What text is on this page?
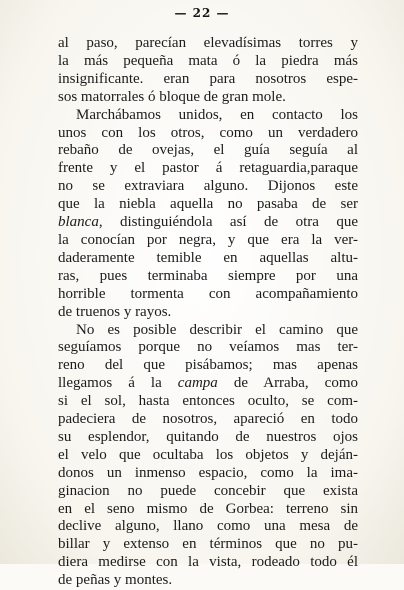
— 22 —
al paso, parecían elevadísimas torres y
la más pequeña mata ó la piedra más
insignificante. eran para nosotros espe-
sos matorrales ó bloque de gran mole.
Marchábamos unidos, en contacto los
unos con los otros, como un verdadero
rebaño de ovejas, el guía seguía al
frente y el pastor á retaguardia,paraque
no se extraviara alguno. Dijonos este
que la niebla aquella no pasaba de ser
blanca, distinguiéndola así de otra que
la conocían por negra, y que era la ver-
daderamente temible en aquellas altu-
ras, pues terminaba siempre por una
horrible tormenta con acompañamiento
de truenos y rayos.
No es posible describir el camino que
seguíamos porque no veíamos mas ter-
reno del que pisábamos; mas apenas
llegamos á la campa de Arraba, como
si el sol, hasta entonces oculto, se com-
padeciera de nosotros, apareció en todo
su esplendor, quitando de nuestros ojos
el velo que ocultaba los objetos y deján-
donos un inmenso espacio, como la ima-
ginacion no puede concebir que exista
en el seno mismo de Gorbea: terreno sin
declive alguno, llano como una mesa de
billar y extenso en términos que no pu-
diera medirse con la vista, rodeado todo él
de peñas y montes.
